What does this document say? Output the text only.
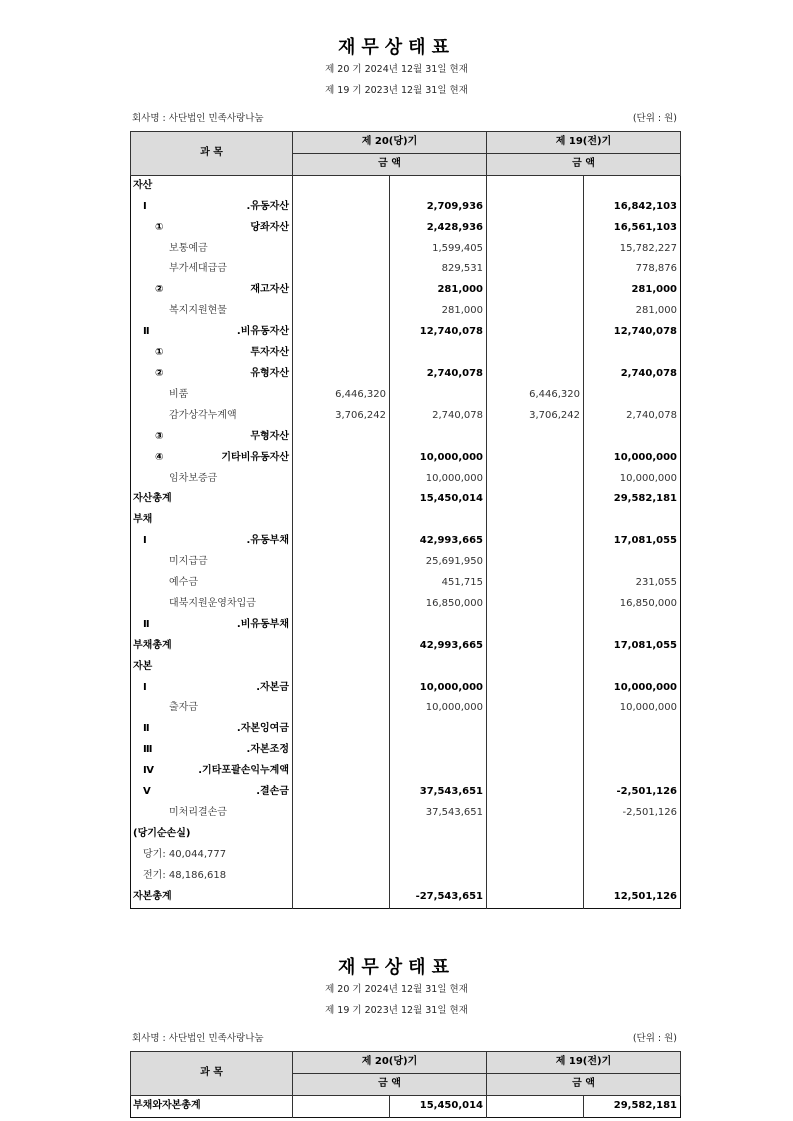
재무상태표
제 20 기 2024년 12월 31일 현재
제 19 기 2023년 12월 31일 현재
회사명 : 사단법인 민족사랑나눔	(단위 : 원)
과 목	제 20(당)기		제 19(전)기	
	금 액		금 액	
자산				
Ⅰ.유동자산		2,709,936		16,842,103
①당좌자산		2,428,936		16,561,103
보통예금		1,599,405		15,782,227
부가세대급금		829,531		778,876
②재고자산		281,000		281,000
복지지원현물		281,000		281,000
Ⅱ.비유동자산		12,740,078		12,740,078
①투자자산				
②유형자산		2,740,078		2,740,078
비품	6,446,320		6,446,320	
감가상각누계액	3,706,242	2,740,078	3,706,242	2,740,078
③무형자산				
④기타비유동자산		10,000,000		10,000,000
임차보증금		10,000,000		10,000,000
자산총계		15,450,014		29,582,181
부채				
Ⅰ.유동부채		42,993,665		17,081,055
미지급금		25,691,950		
예수금		451,715		231,055
대북지원운영차입금		16,850,000		16,850,000
Ⅱ.비유동부채				
부채총계		42,993,665		17,081,055
자본				
Ⅰ.자본금		10,000,000		10,000,000
출자금		10,000,000		10,000,000
Ⅱ.자본잉여금				
Ⅲ.자본조정				
Ⅳ.기타포괄손익누계액				
Ⅴ.결손금		37,543,651		-2,501,126
미처리결손금		37,543,651		-2,501,126
(당기순손실)				
당기: 40,044,777				
전기: 48,186,618				
자본총계		-27,543,651		12,501,126
재무상태표
제 20 기 2024년 12월 31일 현재
제 19 기 2023년 12월 31일 현재
회사명 : 사단법인 민족사랑나눔	(단위 : 원)
과 목	제 20(당)기		제 19(전)기	
	금 액		금 액	
부채와자본총계		15,450,014		29,582,181
